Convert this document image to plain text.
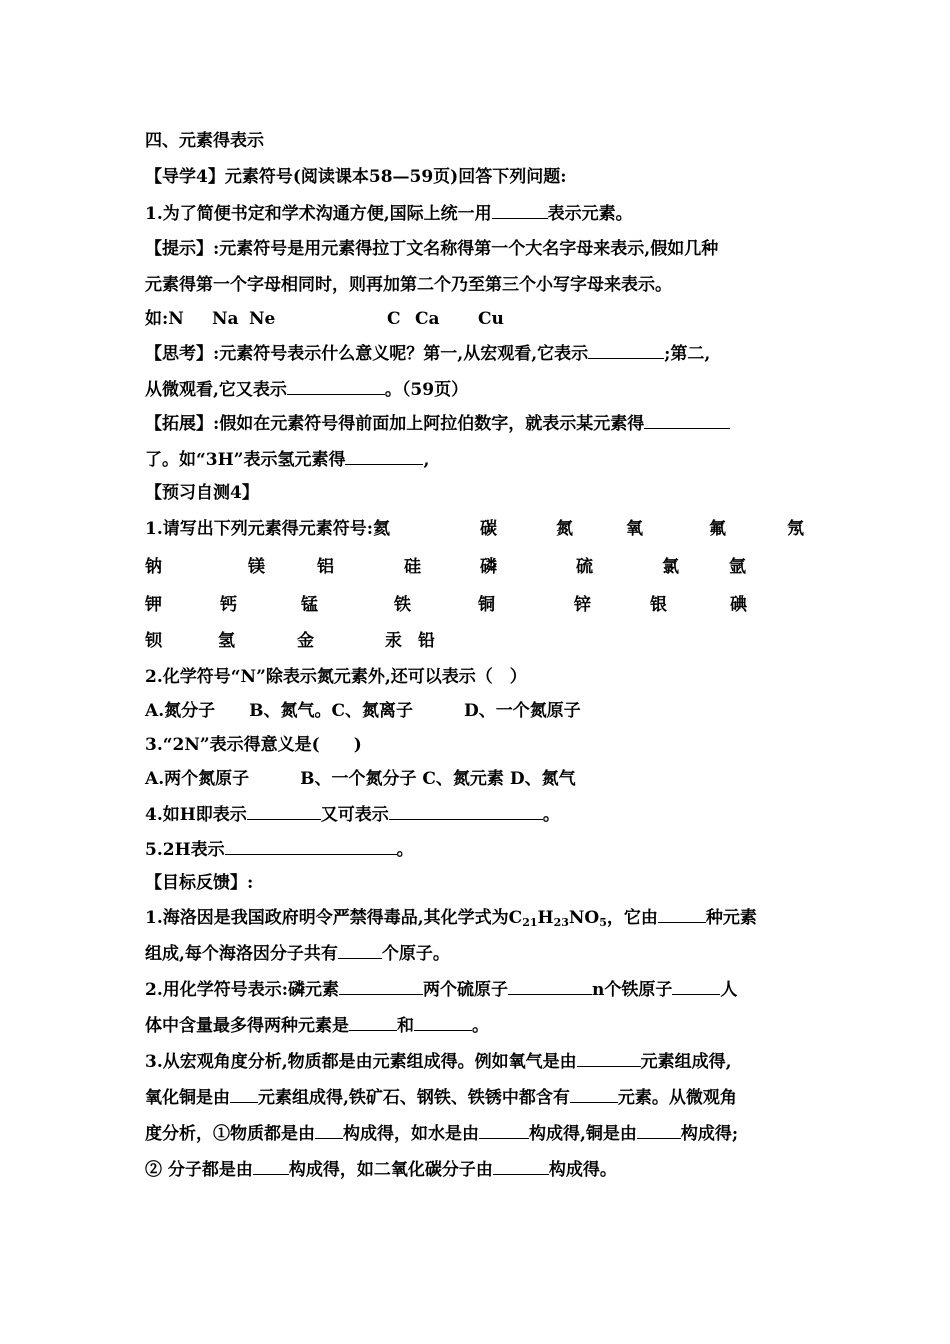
四、元素得表示
【导学4】元素符号(阅读课本58—59页)回答下列问题:
1.为了简便书定和学术沟通方便,国际上统一用	表示元素。
【提示】:元素符号是用元素得拉丁文名称得第一个大名字母来表示,假如几种
元素得第一个字母相同时，则再加第二个乃至第三个小写字母来表示。
如:N Na Ne	C Ca Cu
【思考】:元素符号表示什么意义呢？第一,从宏观看,它表示	;第二,
从微观看,它又表示	。（59页）
【拓展】:假如在元素符号得前面加上阿拉伯数字，就表示某元素得
了。如“3H”表示氢元素得	,
【预习自测4】
1.请写出下列元素得元素符号:氦	碳	氮	氧	氟	氖
钠	镁	铝	硅	磷	硫	氯	氩
钾	钙	锰	铁	铜	锌	银	碘
钡	氢	金	汞 铅
2.化学符号“N”除表示氮元素外,还可以表示（　）
A.氮分子　　B、氮气。C、氮离子　　　D、一个氮原子
3.“2N”表示得意义是(　　)
A.两个氮原子　　　B、一个氮分子 C、氮元素 D、氮气
4.如H即表示	又可表示	。
5.2H表示	。
【目标反馈】:
1.海洛因是我国政府明令严禁得毒品,其化学式为$C_{21}H_{23}NO_5$，它由	种元素
组成,每个海洛因分子共有	个原子。
2.用化学符号表示:磷元素	两个硫原子	n个铁原子	人
体中含量最多得两种元素是	和	。
3.从宏观角度分析,物质都是由元素组成得。例如氧气是由	元素组成得,
氧化铜是由 元素组成得,铁矿石、钢铁、铁锈中都含有	元素。从微观角
度分析，①物质都是由 构成得，如水是由	构成得,铜是由	构成得;
② 分子都是由 构成得，如二氧化碳分子由	构成得。
